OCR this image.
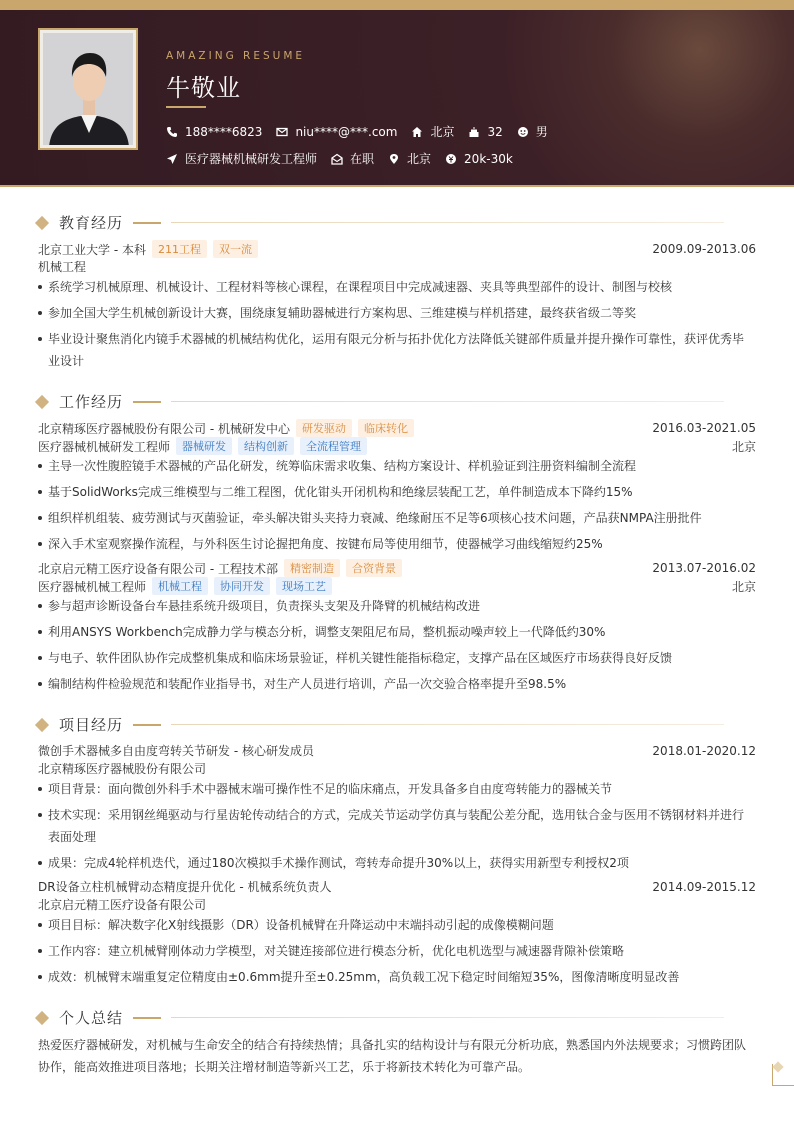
AMAZING RESUME
牛敬业
188****6823	niu****@***.com	北京	32	男
医疗器械机械研发工程师	在职	北京	20k-30k
教育经历
北京工业大学 - 本科	211工程	双一流	2009.09-2013.06
机械工程
系统学习机械原理、机械设计、工程材料等核心课程，在课程项目中完成减速器、夹具等典型部件的设计、制图与校核
参加全国大学生机械创新设计大赛，围绕康复辅助器械进行方案构思、三维建模与样机搭建，最终获省级二等奖
毕业设计聚焦消化内镜手术器械的机械结构优化，运用有限元分析与拓扑优化方法降低关键部件质量并提升操作可靠性，获评优秀毕业设计
工作经历
北京精琢医疗器械股份有限公司 - 机械研发中心	研发驱动	临床转化	2016.03-2021.05
医疗器械机械研发工程师	器械研发	结构创新	全流程管理	北京
主导一次性腹腔镜手术器械的产品化研发，统筹临床需求收集、结构方案设计、样机验证到注册资料编制全流程
基于SolidWorks完成三维模型与二维工程图，优化钳头开闭机构和绝缘层装配工艺，单件制造成本下降约15%
组织样机组装、疲劳测试与灭菌验证，牵头解决钳头夹持力衰减、绝缘耐压不足等6项核心技术问题，产品获NMPA注册批件
深入手术室观察操作流程，与外科医生讨论握把角度、按键布局等使用细节，使器械学习曲线缩短约25%
北京启元精工医疗设备有限公司 - 工程技术部	精密制造	合资背景	2013.07-2016.02
医疗器械机械工程师	机械工程	协同开发	现场工艺	北京
参与超声诊断设备台车悬挂系统升级项目，负责探头支架及升降臂的机械结构改进
利用ANSYS Workbench完成静力学与模态分析，调整支架阻尼布局，整机振动噪声较上一代降低约30%
与电子、软件团队协作完成整机集成和临床场景验证，样机关键性能指标稳定，支撑产品在区域医疗市场获得良好反馈
编制结构件检验规范和装配作业指导书，对生产人员进行培训，产品一次交验合格率提升至98.5%
项目经历
微创手术器械多自由度弯转关节研发 - 核心研发成员	2018.01-2020.12
北京精琢医疗器械股份有限公司
项目背景：面向微创外科手术中器械末端可操作性不足的临床痛点，开发具备多自由度弯转能力的器械关节
技术实现：采用钢丝绳驱动与行星齿轮传动结合的方式，完成关节运动学仿真与装配公差分配，选用钛合金与医用不锈钢材料并进行表面处理
成果：完成4轮样机迭代，通过180次模拟手术操作测试，弯转寿命提升30%以上，获得实用新型专利授权2项
DR设备立柱机械臂动态精度提升优化 - 机械系统负责人	2014.09-2015.12
北京启元精工医疗设备有限公司
项目目标：解决数字化X射线摄影（DR）设备机械臂在升降运动中末端抖动引起的成像模糊问题
工作内容：建立机械臂刚体动力学模型，对关键连接部位进行模态分析，优化电机选型与减速器背隙补偿策略
成效：机械臂末端重复定位精度由±0.6mm提升至±0.25mm，高负载工况下稳定时间缩短35%，图像清晰度明显改善
个人总结
热爱医疗器械研发，对机械与生命安全的结合有持续热情；具备扎实的结构设计与有限元分析功底，熟悉国内外法规要求；习惯跨团队协作，能高效推进项目落地；长期关注增材制造等新兴工艺，乐于将新技术转化为可靠产品。
